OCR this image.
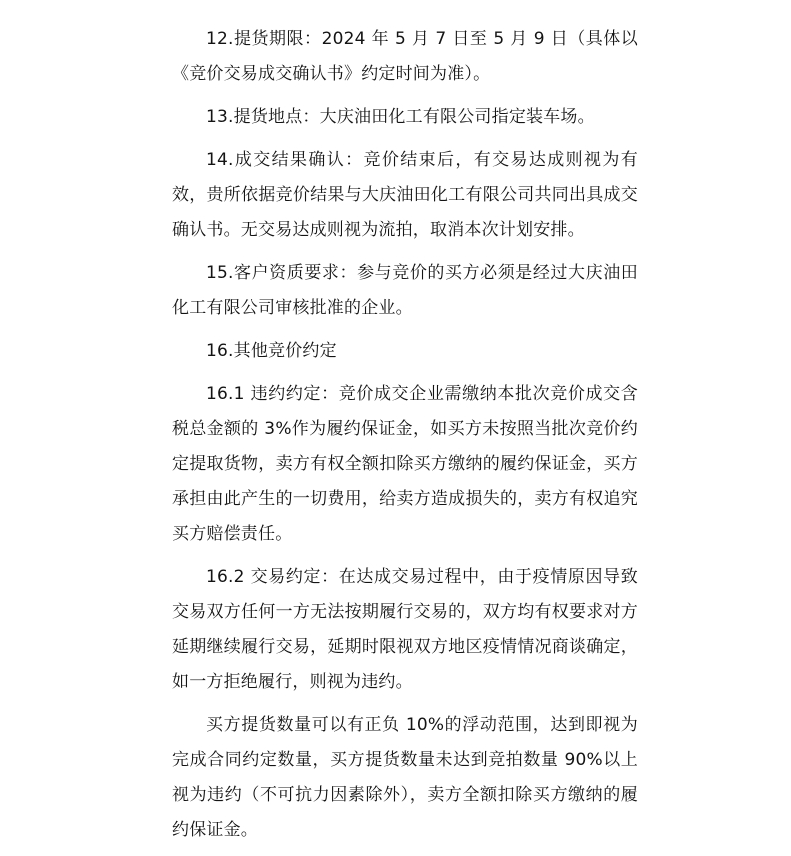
12.提货期限：2024 年 5 月 7 日至 5 月 9 日（具体以《竞价交易成交确认书》约定时间为准）。

13.提货地点：大庆油田化工有限公司指定装车场。

14.成交结果确认：竞价结束后，有交易达成则视为有效，贵所依据竞价结果与大庆油田化工有限公司共同出具成交确认书。无交易达成则视为流拍，取消本次计划安排。

15.客户资质要求：参与竞价的买方必须是经过大庆油田化工有限公司审核批准的企业。

16.其他竞价约定

16.1 违约约定：竞价成交企业需缴纳本批次竞价成交含税总金额的 3%作为履约保证金，如买方未按照当批次竞价约定提取货物，卖方有权全额扣除买方缴纳的履约保证金，买方承担由此产生的一切费用，给卖方造成损失的，卖方有权追究买方赔偿责任。

16.2 交易约定：在达成交易过程中，由于疫情原因导致交易双方任何一方无法按期履行交易的，双方均有权要求对方延期继续履行交易，延期时限视双方地区疫情情况商谈确定，如一方拒绝履行，则视为违约。

买方提货数量可以有正负 10%的浮动范围，达到即视为完成合同约定数量，买方提货数量未达到竞拍数量 90%以上视为违约（不可抗力因素除外），卖方全额扣除买方缴纳的履约保证金。
